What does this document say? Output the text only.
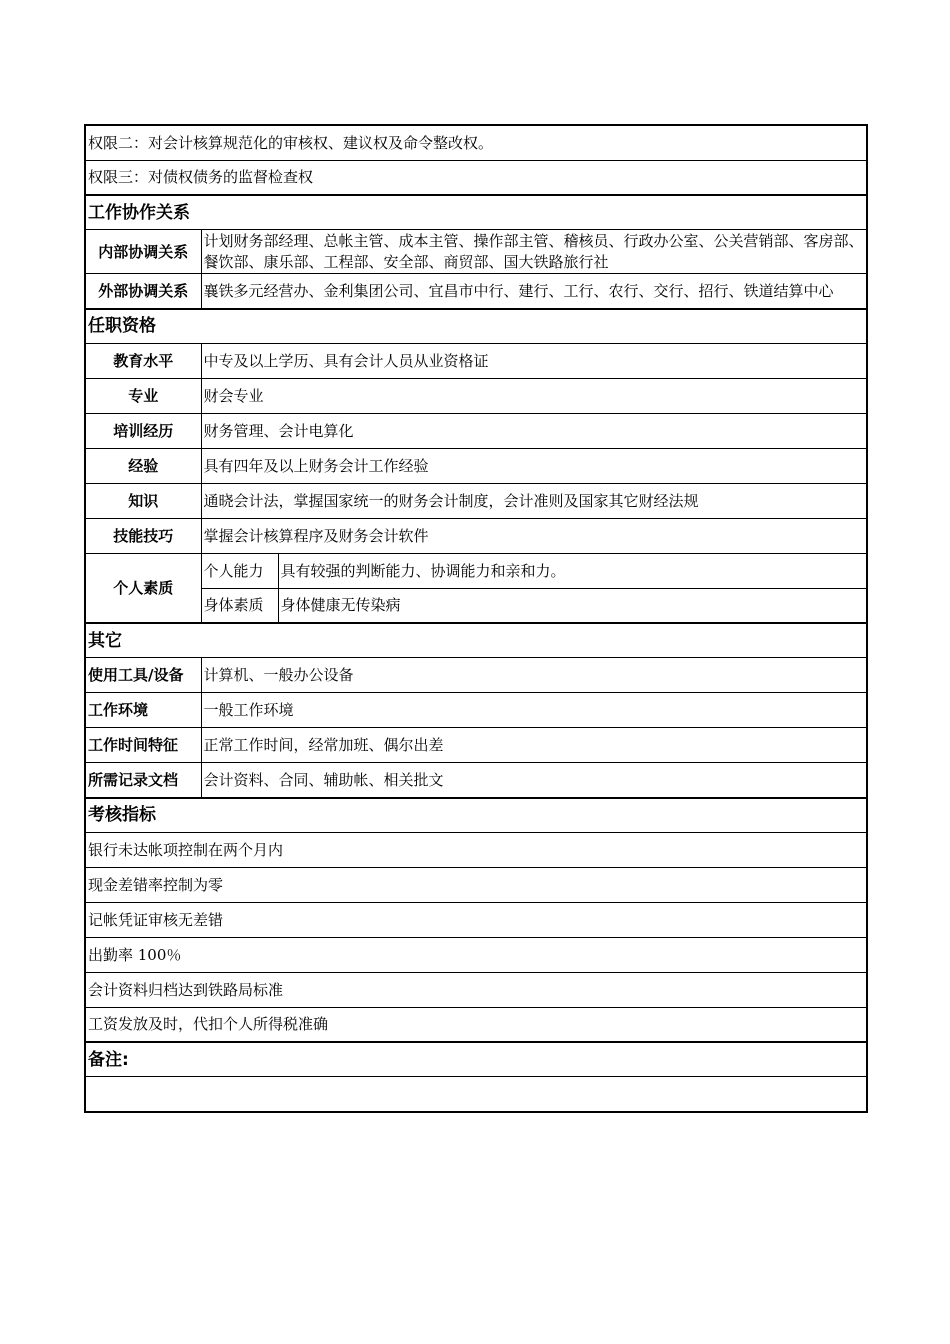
权限二：对会计核算规范化的审核权、建议权及命令整改权。		
权限三：对债权债务的监督检查权		
工作协作关系		
内部协调关系	计划财务部经理、总帐主管、成本主管、操作部主管、稽核员、行政办公室、公关营销部、客房部、餐饮部、康乐部、工程部、安全部、商贸部、国大铁路旅行社	
外部协调关系	襄铁多元经营办、金利集团公司、宜昌市中行、建行、工行、农行、交行、招行、铁道结算中心	
任职资格		
教育水平	中专及以上学历、具有会计人员从业资格证	
专业	财会专业	
培训经历	财务管理、会计电算化	
经验	具有四年及以上财务会计工作经验	
知识	通晓会计法，掌握国家统一的财务会计制度，会计准则及国家其它财经法规	
技能技巧	掌握会计核算程序及财务会计软件	
个人素质	个人能力	具有较强的判断能力、协调能力和亲和力。
	身体素质	身体健康无传染病
其它		
使用工具/设备	计算机、一般办公设备	
工作环境	一般工作环境	
工作时间特征	正常工作时间，经常加班、偶尔出差	
所需记录文档	会计资料、合同、辅助帐、相关批文	
考核指标		
银行未达帐项控制在两个月内		
现金差错率控制为零		
记帐凭证审核无差错		
出勤率 100％		
会计资料归档达到铁路局标准		
工资发放及时，代扣个人所得税准确		
备注:		
